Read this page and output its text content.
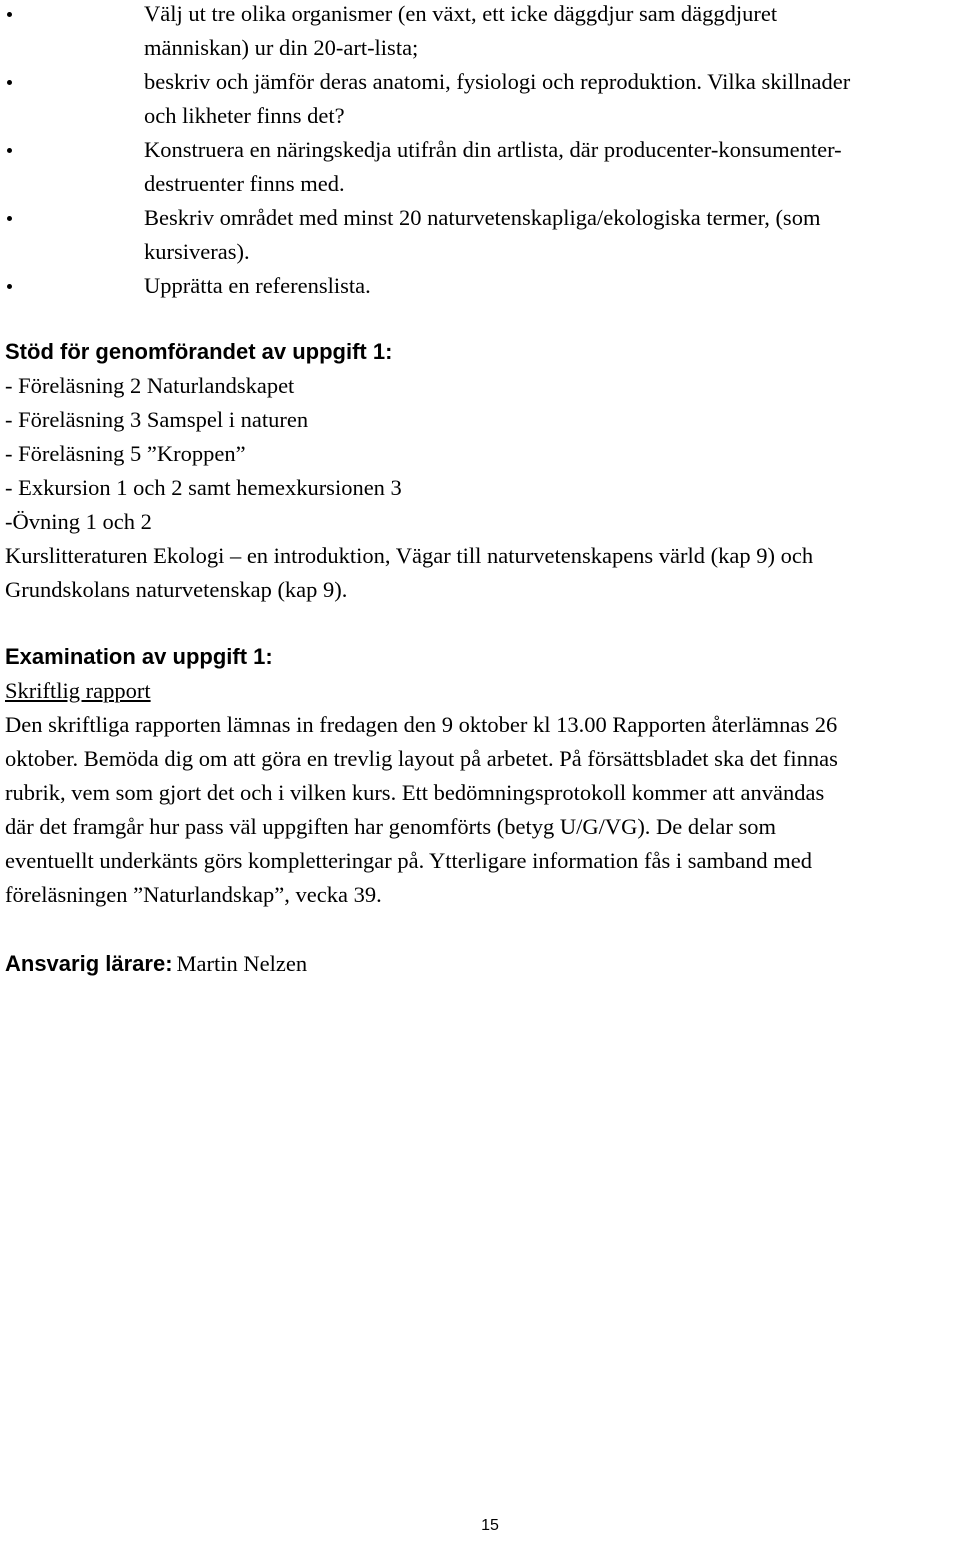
Välj ut tre olika organismer (en växt, ett icke däggdjur sam däggdjuret
människan) ur din 20-art-lista;
beskriv och jämför deras anatomi, fysiologi och reproduktion. Vilka skillnader
och likheter finns det?
Konstruera en näringskedja utifrån din artlista, där producenter-konsumenter-
destruenter finns med.
Beskriv området med minst 20 naturvetenskapliga/ekologiska termer, (som
kursiveras).
Upprätta en referenslista.
Stöd för genomförandet av uppgift 1:
- Föreläsning 2 Naturlandskapet
- Föreläsning 3 Samspel i naturen
- Föreläsning 5 ”Kroppen”
- Exkursion 1 och 2 samt hemexkursionen 3
-Övning 1 och 2
Kurslitteraturen Ekologi – en introduktion, Vägar till naturvetenskapens värld (kap 9) och
Grundskolans naturvetenskap (kap 9).
Examination av uppgift 1:
Skriftlig rapport
Den skriftliga rapporten lämnas in fredagen den 9 oktober kl 13.00 Rapporten återlämnas 26
oktober. Bemöda dig om att göra en trevlig layout på arbetet. På försättsbladet ska det finnas
rubrik, vem som gjort det och i vilken kurs. Ett bedömningsprotokoll kommer att användas
där det framgår hur pass väl uppgiften har genomförts (betyg U/G/VG). De delar som
eventuellt underkänts görs kompletteringar på. Ytterligare information fås i samband med
föreläsningen ”Naturlandskap”, vecka 39.
Ansvarig lärare: Martin Nelzen
15
